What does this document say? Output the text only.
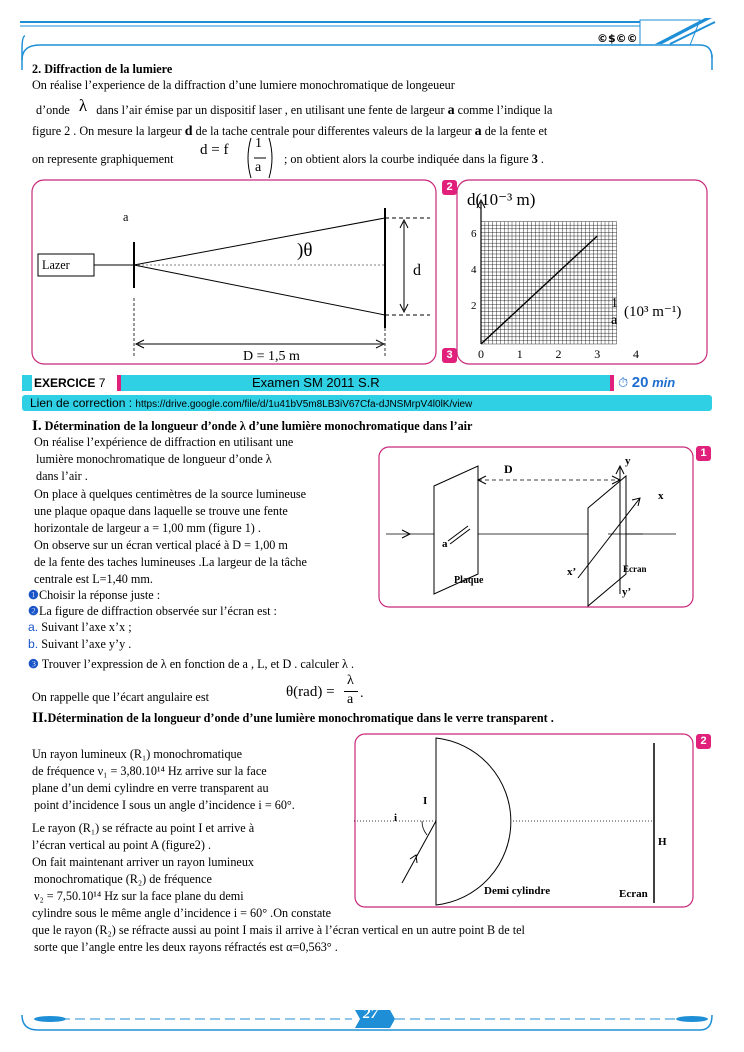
©$©©
2. Diffraction de la lumiere
On réalise l’experience de la diffraction d’une lumiere monochromatique de longeueur
d’onde λ dans l’air émise par un dispositif laser , en utilisant une fente de largeur a comme l’indique la
figure 2 . On mesure la largeur d de la tache centrale pour differentes valeurs de la largeur a de la fente et
on represente graphiquement
d = f 1
a
; on obtient alors la courbe indiquée dans la figure 3 .
a
Lazer
)θ
d
D = 1,5 m
2
3
d(10⁻³ m)
1
a
(10³ m⁻¹)
6
4
2
0	1	2	3	4
EXERCICE 7	Examen SM 2011 S.R	⏱ 20 min
Lien de correction : https://drive.google.com/file/d/1u41bV5m8LB3iV67Cfa-dJNSMrpV4l0lK/view
I. Détermination de la longueur d’onde λ d’une lumière monochromatique dans l’air
On réalise l’expérience de diffraction en utilisant une
lumière monochromatique de longueur d’onde λ
dans l’air .
On place à quelques centimètres de la source lumineuse
une plaque opaque dans laquelle se trouve une fente
horizontale de largeur a = 1,00 mm (figure 1) .
On observe sur un écran vertical placé à D = 1,00 m
de la fente des taches lumineuses .La largeur de la tâche
centrale est L=1,40 mm.
❶Choisir la réponse juste :
❷La figure de diffraction observée sur l’écran est :
a. Suivant l’axe x’x ;
b. Suivant l’axe y’y .
❸ Trouver l’expression de λ en fonction de a , L, et D . calculer λ .
On rappelle que l’écart angulaire est	θ(rad) =
λ
a .
D
y
x
a
x’
y’
Plaque
Ecran
1
II.Détermination de la longueur d’onde d’une lumière monochromatique dans le verre transparent .
Un rayon lumineux (R₁) monochromatique
de fréquence ν₁ = 3,80.10¹⁴ Hz arrive sur la face
plane d’un demi cylindre en verre transparent au
point d’incidence I sous un angle d’incidence i = 60°.
Le rayon (R₁) se réfracte au point I et arrive à
l’écran vertical au point A (figure2) .
On fait maintenant arriver un rayon lumineux
monochromatique (R₂) de fréquence
ν₂ = 7,50.10¹⁴ Hz sur la face plane du demi
cylindre sous le même angle d’incidence i = 60° .On constate
que le rayon (R₂) se réfracte aussi au point I mais il arrive à l’écran vertical en un autre point B de tel
sorte que l’angle entre les deux rayons réfractés est α=0,563° .
I
i
H
Demi cylindre	Ecran
2
27
